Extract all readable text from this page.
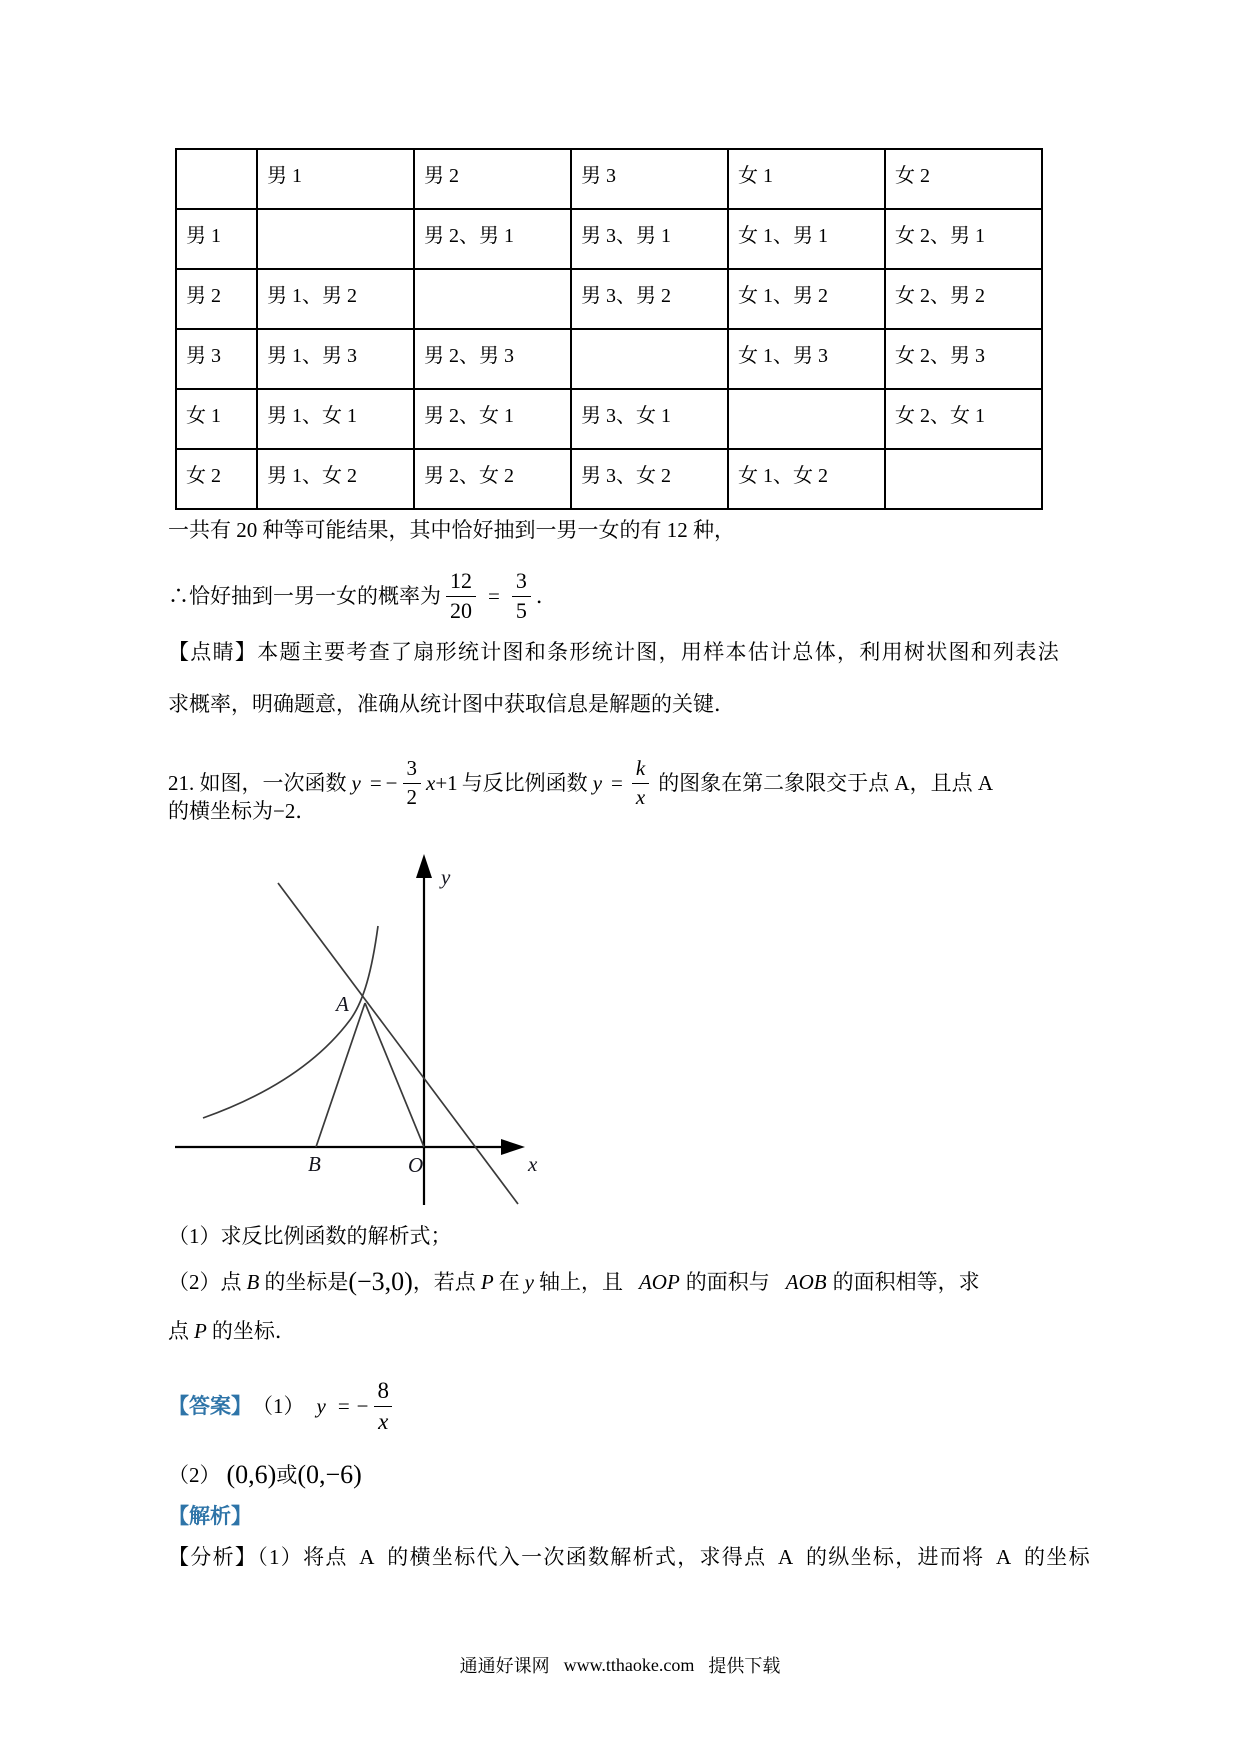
	男 1	男 2	男 3	女 1	女 2
男 1		男 2、男 1	男 3、男 1	女 1、男 1	女 2、男 1
男 2	男 1、男 2		男 3、男 2	女 1、男 2	女 2、男 2
男 3	男 1、男 3	男 2、男 3		女 1、男 3	女 2、男 3
女 1	男 1、女 1	男 2、女 1	男 3、女 1		女 2、女 1
女 2	男 1、女 2	男 2、女 2	男 3、女 2	女 1、女 2	
一共有 20 种等可能结果，其中恰好抽到一男一女的有 12 种，
∴恰好抽到一男一女的概率为 $\frac{12}{20} = \frac{3}{5}$ ．
【点睛】本题主要考查了扇形统计图和条形统计图，用样本估计总体，利用树状图和列表法
求概率，明确题意，准确从统计图中获取信息是解题的关键．
21. 如图，一次函数 y = − $\frac{3}{2}$ x +1 与反比例函数 $y = \frac{k}{x}$ 的图象在第二象限交于点 A，且点 A
的横坐标为−2．
y
x
O
A
B
（1）求反比例函数的解析式；
（2）点 B 的坐标是 (−3,0) ，若点 P 在 y 轴上，且 AOP 的面积与 AOB 的面积相等，求
点 P 的坐标．
【答案】 （1） y = − $\frac{8}{x}$
（2） (0,6) 或 (0,−6)
【解析】
【分析】（1）将点 A 的横坐标代入一次函数解析式，求得点 A 的纵坐标，进而将 A 的坐标
通通好课网 www.tthaoke.com 提供下载
